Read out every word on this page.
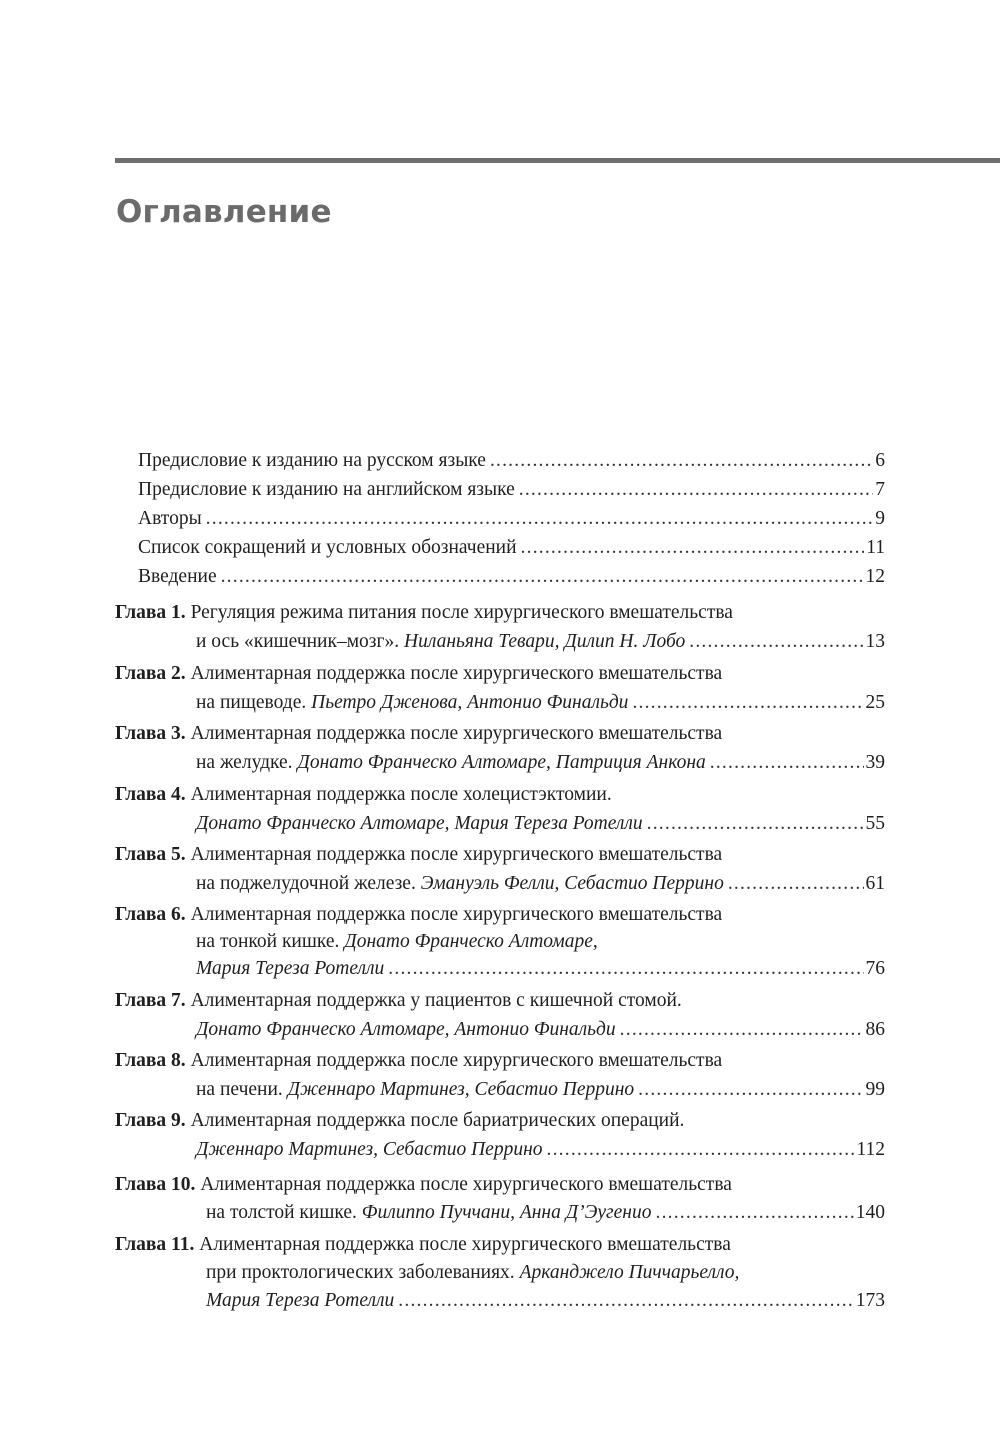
Оглавление
Предисловие к изданию на русском языке .....	6
Предисловие к изданию на английском языке .....	7
Авторы .....	9
Список сокращений и условных обозначений .....	11
Введение .....	12
Глава 1. Регуляция режима питания после хирургического вмешательства
и ось «кишечник–мозг». Ниланьяна Тевари, Дилип Н. Лобо .....	13
Глава 2. Алиментарная поддержка после хирургического вмешательства
на пищеводе. Пьетро Дженова, Антонио Финальди .....	25
Глава 3. Алиментарная поддержка после хирургического вмешательства
на желудке. Донато Франческо Алтомаре, Патриция Анкона .....	39
Глава 4. Алиментарная поддержка после холецистэктомии.
Донато Франческо Алтомаре, Мария Тереза Ротелли .....	55
Глава 5. Алиментарная поддержка после хирургического вмешательства
на поджелудочной железе. Эмануэль Фелли, Себастио Перрино .....	61
Глава 6. Алиментарная поддержка после хирургического вмешательства
на тонкой кишке. Донато Франческо Алтомаре,
Мария Тереза Ротелли .....	76
Глава 7. Алиментарная поддержка у пациентов с кишечной стомой.
Донато Франческо Алтомаре, Антонио Финальди .....	86
Глава 8. Алиментарная поддержка после хирургического вмешательства
на печени. Дженнаро Мартинез, Себастио Перрино .....	99
Глава 9. Алиментарная поддержка после бариатрических операций.
Дженнаро Мартинез, Себастио Перрино .....	112
Глава 10. Алиментарная поддержка после хирургического вмешательства
на толстой кишке. Филиппо Пуччани, Анна Д’Эугенио .....	140
Глава 11. Алиментарная поддержка после хирургического вмешательства
при проктологических заболеваниях. Арканджело Пиччарьелло,
Мария Тереза Ротелли .....	173
